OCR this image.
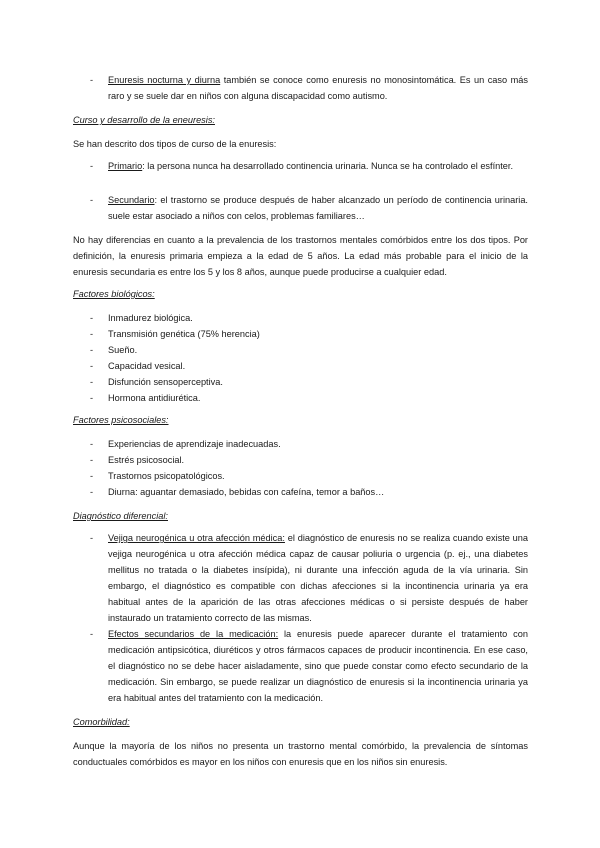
- Enuresis nocturna y diurna también se conoce como enuresis no monosintomática. Es un caso más raro y se suele dar en niños con alguna discapacidad como autismo.
Curso y desarrollo de la eneuresis:
Se han descrito dos tipos de curso de la enuresis:
- Primario: la persona nunca ha desarrollado continencia urinaria. Nunca se ha controlado el esfínter.
- Secundario: el trastorno se produce después de haber alcanzado un período de continencia urinaria. suele estar asociado a niños con celos, problemas familiares…
No hay diferencias en cuanto a la prevalencia de los trastornos mentales comórbidos entre los dos tipos. Por definición, la enuresis primaria empieza a la edad de 5 años. La edad más probable para el inicio de la enuresis secundaria es entre los 5 y los 8 años, aunque puede producirse a cualquier edad.
Factores biológicos:
- Inmadurez biológica.
- Transmisión genética (75% herencia)
- Sueño.
- Capacidad vesical.
- Disfunción sensoperceptiva.
- Hormona antidiurética.
Factores psicosociales:
- Experiencias de aprendizaje inadecuadas.
- Estrés psicosocial.
- Trastornos psicopatológicos.
- Diurna: aguantar demasiado, bebidas con cafeína, temor a baños…
Diagnóstico diferencial:
- Vejiga neurogénica u otra afección médica: el diagnóstico de enuresis no se realiza cuando existe una vejiga neurogénica u otra afección médica capaz de causar poliuria o urgencia (p. ej., una diabetes mellitus no tratada o la diabetes insípida), ni durante una infección aguda de la vía urinaria. Sin embargo, el diagnóstico es compatible con dichas afecciones si la incontinencia urinaria ya era habitual antes de la aparición de las otras afecciones médicas o si persiste después de haber instaurado un tratamiento correcto de las mismas.
- Efectos secundarios de la medicación: la enuresis puede aparecer durante el tratamiento con medicación antipsicótica, diuréticos y otros fármacos capaces de producir incontinencia. En ese caso, el diagnóstico no se debe hacer aisladamente, sino que puede constar como efecto secundario de la medicación. Sin embargo, se puede realizar un diagnóstico de enuresis si la incontinencia urinaria ya era habitual antes del tratamiento con la medicación.
Comorbilidad:
Aunque la mayoría de los niños no presenta un trastorno mental comórbido, la prevalencia de síntomas conductuales comórbidos es mayor en los niños con enuresis que en los niños sin enuresis.
